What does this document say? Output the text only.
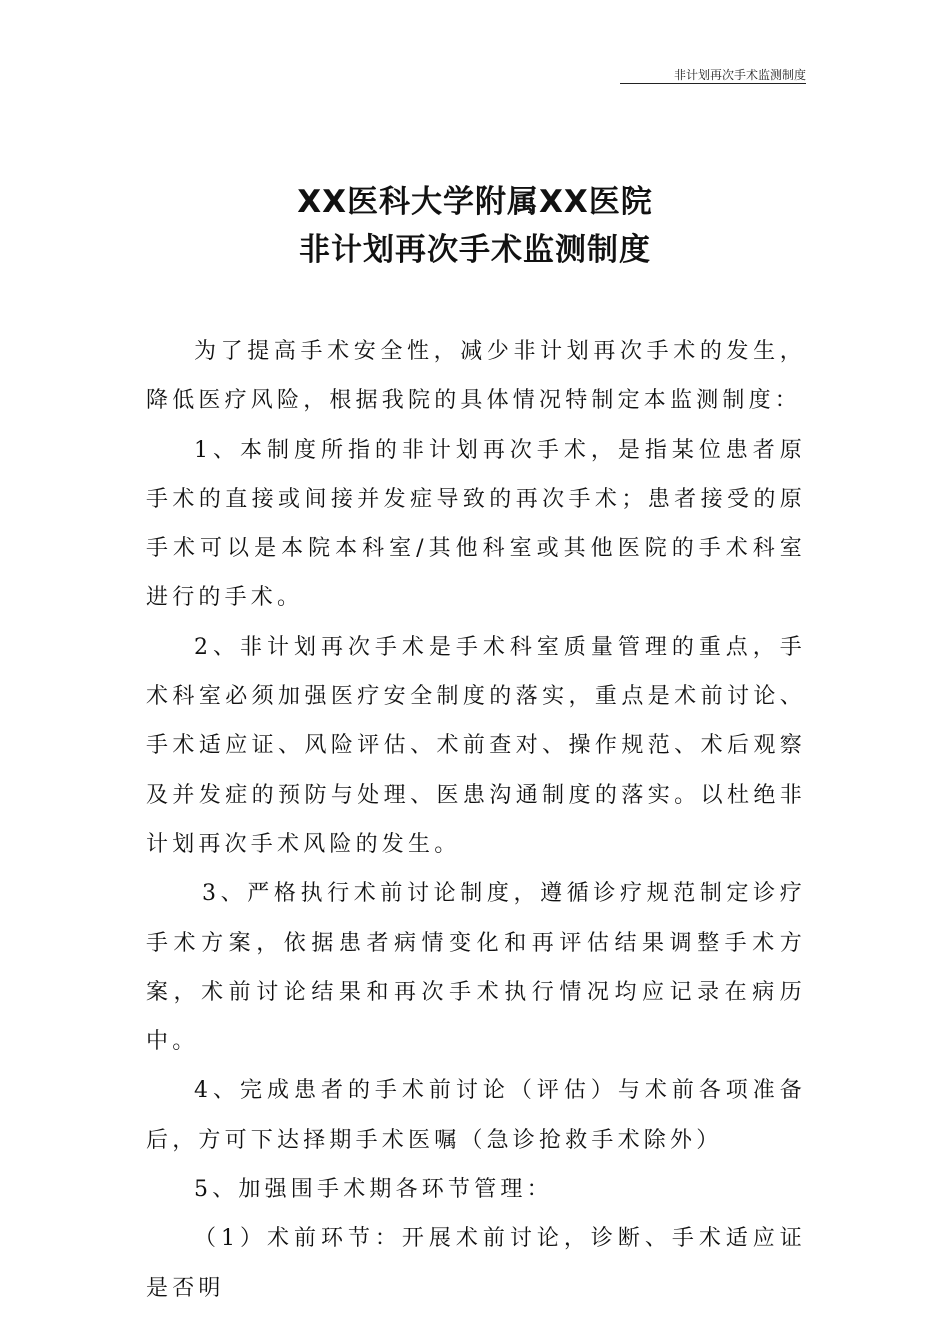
非计划再次手术监测制度
XX医科大学附属XX医院
非计划再次手术监测制度

为了提高手术安全性，减少非计划再次手术的发生，降低医疗风险，根据我院的具体情况特制定本监测制度：

1、本制度所指的非计划再次手术，是指某位患者原手术的直接或间接并发症导致的再次手术；患者接受的原手术可以是本院本科室/其他科室或其他医院的手术科室进行的手术。

2、非计划再次手术是手术科室质量管理的重点，手术科室必须加强医疗安全制度的落实，重点是术前讨论、手术适应证、风险评估、术前查对、操作规范、术后观察及并发症的预防与处理、医患沟通制度的落实。以杜绝非计划再次手术风险的发生。

3、严格执行术前讨论制度，遵循诊疗规范制定诊疗手术方案，依据患者病情变化和再评估结果调整手术方案，术前讨论结果和再次手术执行情况均应记录在病历中。

4、完成患者的手术前讨论（评估）与术前各项准备后，方可下达择期手术医嘱（急诊抢救手术除外）

5、加强围手术期各环节管理：

（1）术前环节：开展术前讨论，诊断、手术适应证是否明
